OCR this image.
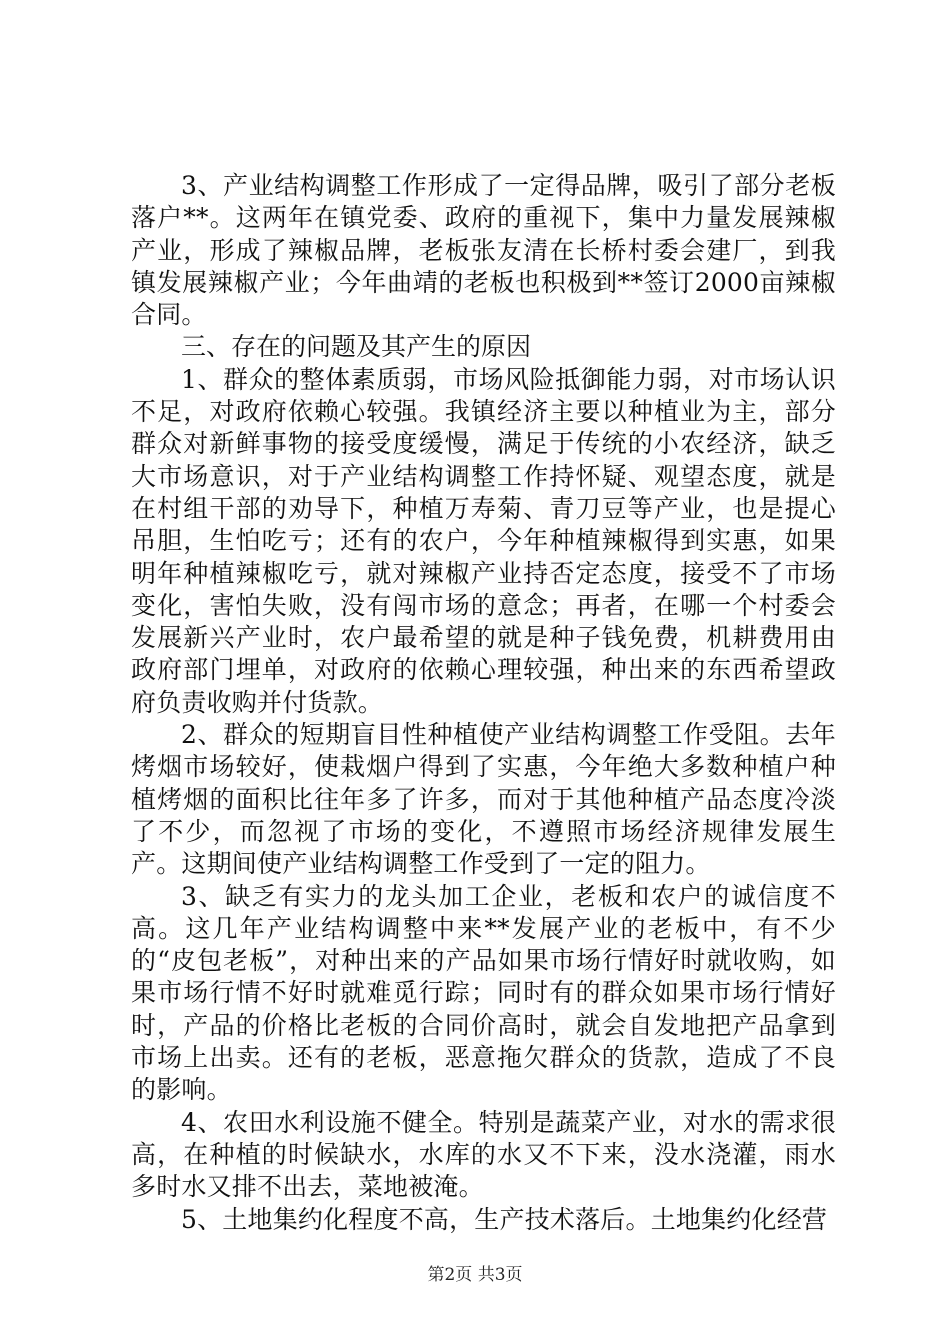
3、产业结构调整工作形成了一定得品牌，吸引了部分老板落户**。这两年在镇党委、政府的重视下，集中力量发展辣椒产业，形成了辣椒品牌，老板张友清在长桥村委会建厂，到我镇发展辣椒产业；今年曲靖的老板也积极到**签订2000亩辣椒合同。

三、存在的问题及其产生的原因

1、群众的整体素质弱，市场风险抵御能力弱，对市场认识不足，对政府依赖心较强。我镇经济主要以种植业为主，部分群众对新鲜事物的接受度缓慢，满足于传统的小农经济，缺乏大市场意识，对于产业结构调整工作持怀疑、观望态度，就是在村组干部的劝导下，种植万寿菊、青刀豆等产业，也是提心吊胆，生怕吃亏；还有的农户，今年种植辣椒得到实惠，如果明年种植辣椒吃亏，就对辣椒产业持否定态度，接受不了市场变化，害怕失败，没有闯市场的意念；再者，在哪一个村委会发展新兴产业时，农户最希望的就是种子钱免费，机耕费用由政府部门埋单，对政府的依赖心理较强，种出来的东西希望政府负责收购并付货款。

2、群众的短期盲目性种植使产业结构调整工作受阻。去年烤烟市场较好，使栽烟户得到了实惠，今年绝大多数种植户种植烤烟的面积比往年多了许多，而对于其他种植产品态度冷淡了不少，而忽视了市场的变化，不遵照市场经济规律发展生产。这期间使产业结构调整工作受到了一定的阻力。

3、缺乏有实力的龙头加工企业，老板和农户的诚信度不高。这几年产业结构调整中来**发展产业的老板中，有不少的“皮包老板”，对种出来的产品如果市场行情好时就收购，如果市场行情不好时就难觅行踪；同时有的群众如果市场行情好时，产品的价格比老板的合同价高时，就会自发地把产品拿到市场上出卖。还有的老板，恶意拖欠群众的货款，造成了不良的影响。

4、农田水利设施不健全。特别是蔬菜产业，对水的需求很高，在种植的时候缺水，水库的水又不下来，没水浇灌，雨水多时水又排不出去，菜地被淹。

5、土地集约化程度不高，生产技术落后。土地集约化经营

第2页 共3页
